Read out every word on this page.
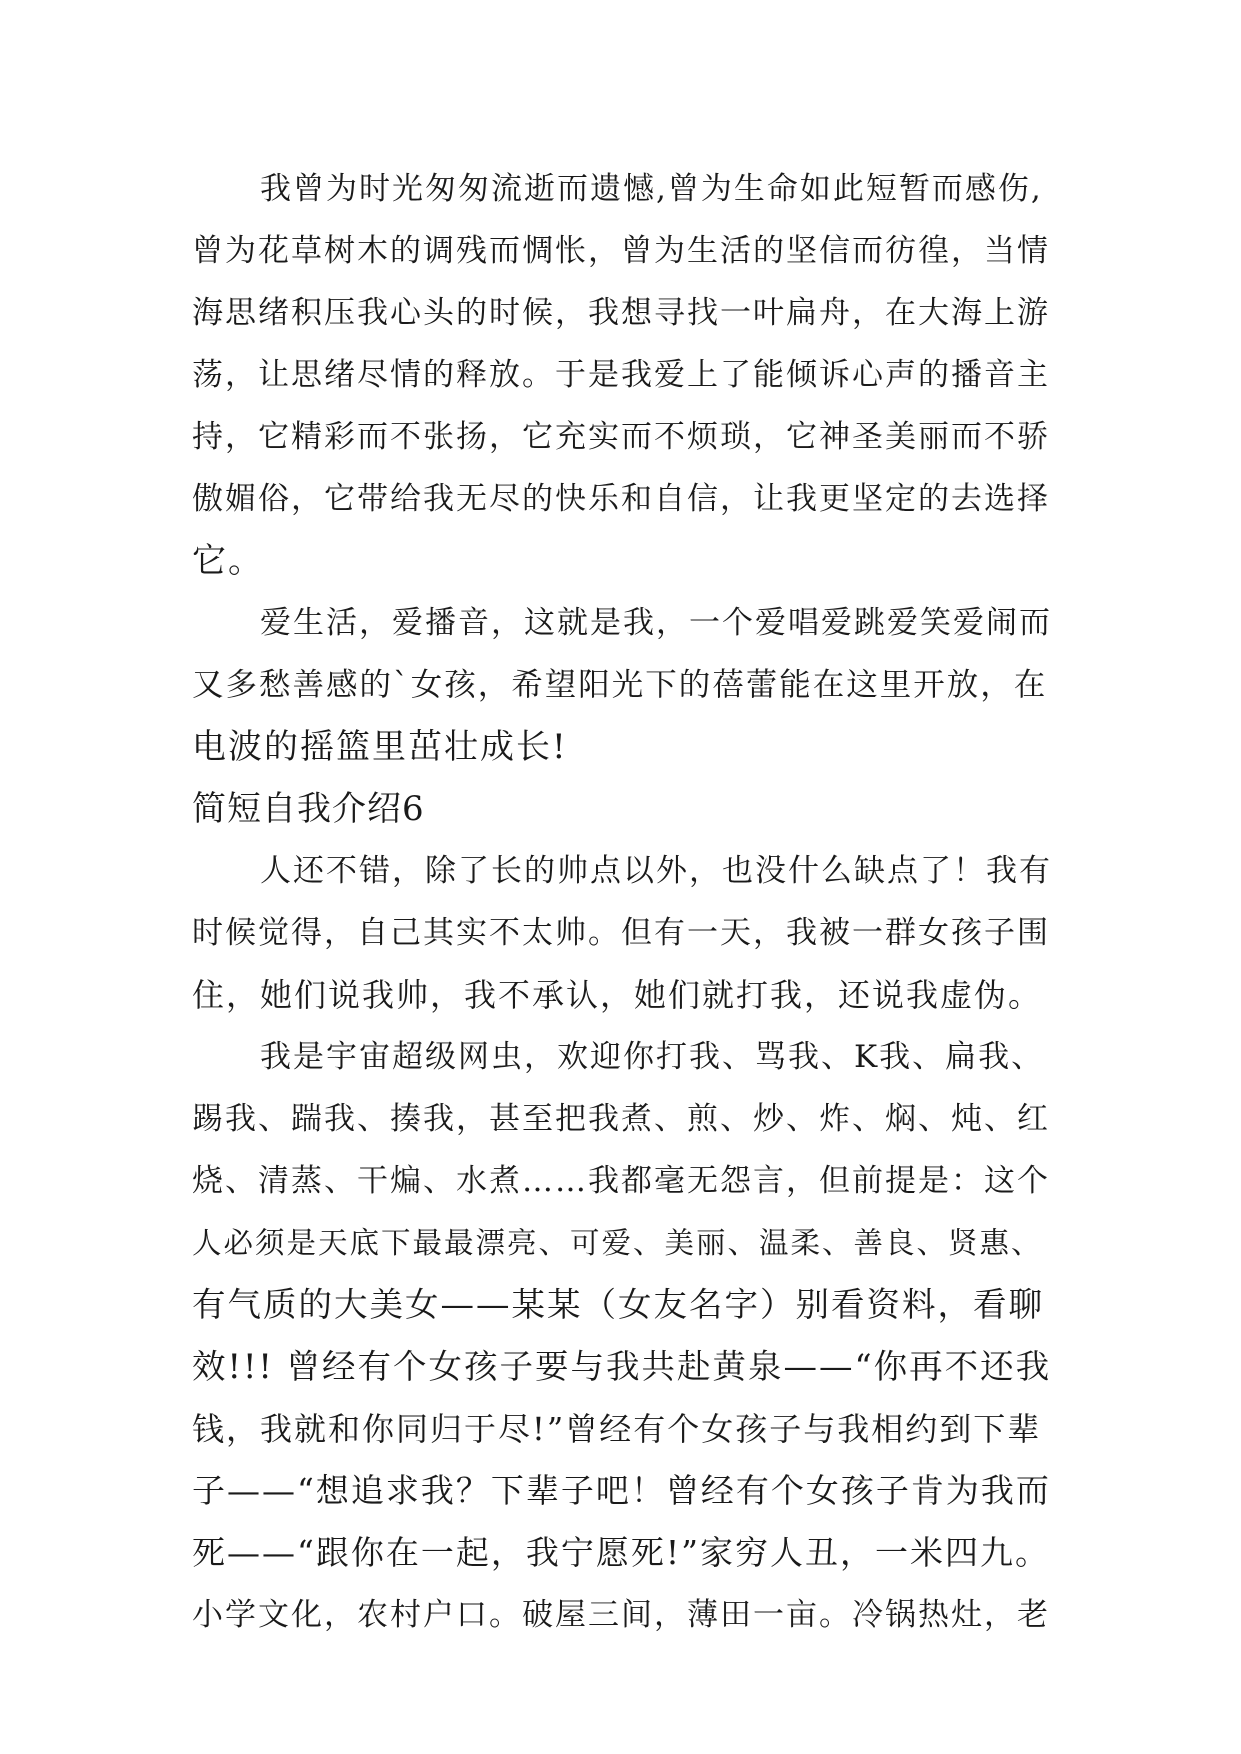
我曾为时光匆匆流逝而遗憾,曾为生命如此短暂而感伤,
曾为花草树木的调残而惆怅，曾为生活的坚信而彷徨，当情
海思绪积压我心头的时候，我想寻找一叶扁舟，在大海上游
荡，让思绪尽情的释放。于是我爱上了能倾诉心声的播音主
持，它精彩而不张扬，它充实而不烦琐，它神圣美丽而不骄
傲媚俗，它带给我无尽的快乐和自信，让我更坚定的去选择
它。
爱生活，爱播音，这就是我，一个爱唱爱跳爱笑爱闹而
又多愁善感的`女孩，希望阳光下的蓓蕾能在这里开放，在
电波的摇篮里茁壮成长!
简短自我介绍6
人还不错，除了长的帅点以外，也没什么缺点了！我有
时候觉得，自己其实不太帅。但有一天，我被一群女孩子围
住，她们说我帅，我不承认，她们就打我，还说我虚伪。
我是宇宙超级网虫，欢迎你打我、骂我、K我、扁我、
踢我、踹我、揍我，甚至把我煮、煎、炒、炸、焖、炖、红
烧、清蒸、干煸、水煮……我都毫无怨言，但前提是：这个
人必须是天底下最最漂亮、可爱、美丽、温柔、善良、贤惠、
有气质的大美女——某某（女友名字）别看资料，看聊
效!!! 曾经有个女孩子要与我共赴黄泉——“你再不还我
钱，我就和你同归于尽!”曾经有个女孩子与我相约到下辈
子——“想追求我？下辈子吧！曾经有个女孩子肯为我而
死——“跟你在一起，我宁愿死!”家穷人丑，一米四九。
小学文化，农村户口。破屋三间，薄田一亩。冷锅热灶，老
